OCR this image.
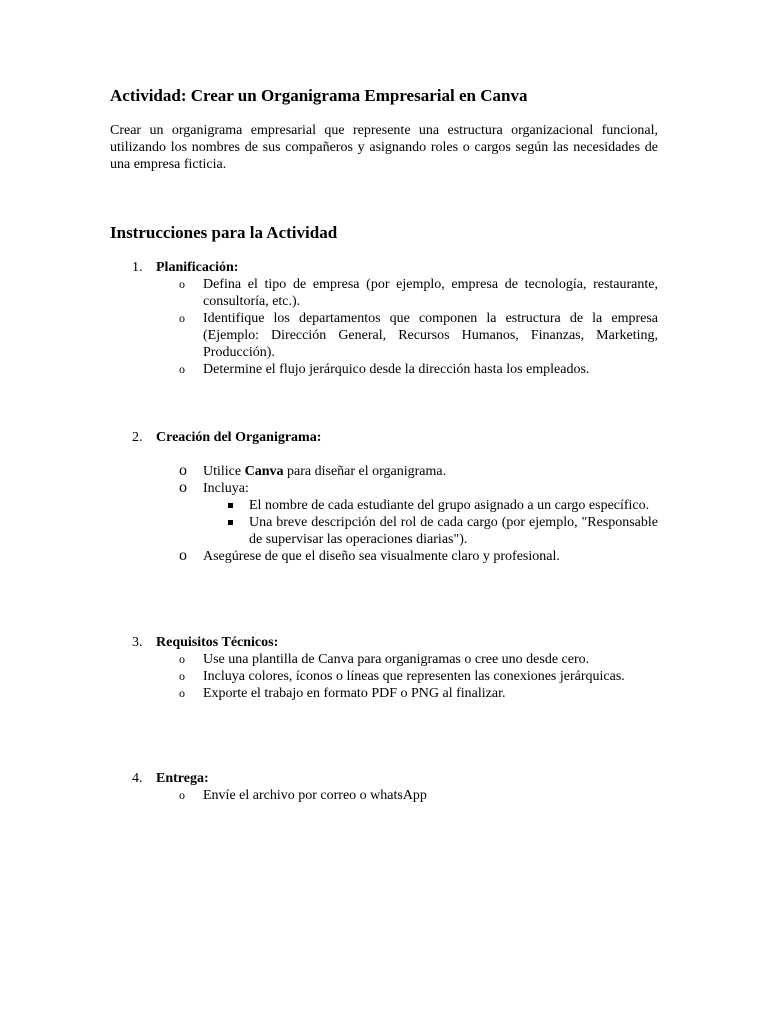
Actividad: Crear un Organigrama Empresarial en Canva

Crear un organigrama empresarial que represente una estructura organizacional funcional, utilizando los nombres de sus compañeros y asignando roles o cargos según las necesidades de una empresa ficticia.

Instrucciones para la Actividad
1. Planificación:
o Defina el tipo de empresa (por ejemplo, empresa de tecnología, restaurante, consultoría, etc.).
o Identifique los departamentos que componen la estructura de la empresa (Ejemplo: Dirección General, Recursos Humanos, Finanzas, Marketing, Producción).
o Determine el flujo jerárquico desde la dirección hasta los empleados.
2. Creación del Organigrama:
o Utilice Canva para diseñar el organigrama.
o Incluya:
El nombre de cada estudiante del grupo asignado a un cargo específico.
Una breve descripción del rol de cada cargo (por ejemplo, "Responsable de supervisar las operaciones diarias").
o Asegúrese de que el diseño sea visualmente claro y profesional.
3. Requisitos Técnicos:
o Use una plantilla de Canva para organigramas o cree uno desde cero.
o Incluya colores, íconos o líneas que representen las conexiones jerárquicas.
o Exporte el trabajo en formato PDF o PNG al finalizar.
4. Entrega:
o Envíe el archivo por correo o whatsApp
